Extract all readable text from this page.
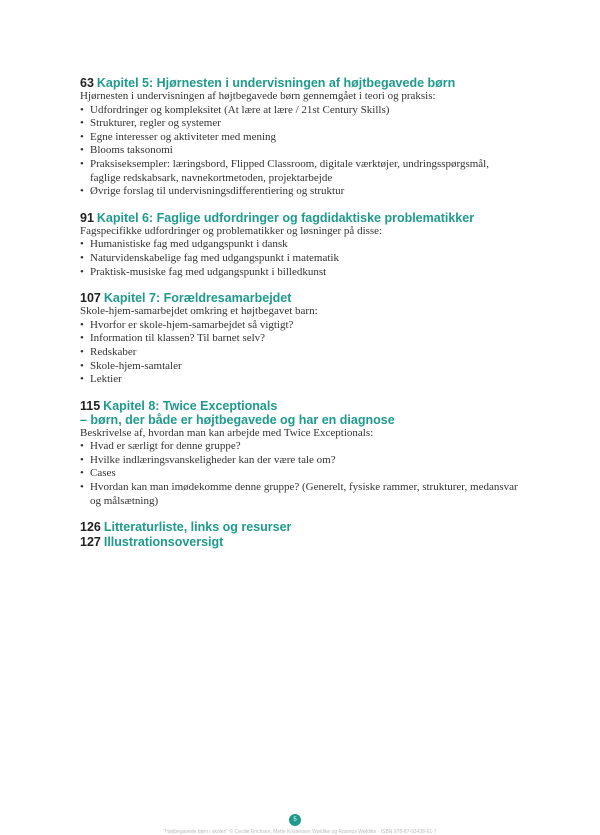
63 Kapitel 5: Hjørnesten i undervisningen af højtbegavede børn
Hjørnesten i undervisningen af højtbegavede børn gennemgået i teori og praksis:
• Udfordringer og kompleksitet (At lære at lære / 21st Century Skills)
• Strukturer, regler og systemer
• Egne interesser og aktiviteter med mening
• Blooms taksonomi
• Praksiseksempler: læringsbord, Flipped Classroom, digitale værktøjer, undringsspørgsmål, faglige redskabsark, navnekortmetoden, projektarbejde
• Øvrige forslag til undervisningsdifferentiering og struktur
91 Kapitel 6: Faglige udfordringer og fagdidaktiske problematikker
Fagspecifikke udfordringer og problematikker og løsninger på disse:
• Humanistiske fag med udgangspunkt i dansk
• Naturvidenskabelige fag med udgangspunkt i matematik
• Praktisk-musiske fag med udgangspunkt i billedkunst
107 Kapitel 7: Forældresamarbejdet
Skole-hjem-samarbejdet omkring et højtbegavet barn:
• Hvorfor er skole-hjem-samarbejdet så vigtigt?
• Information til klassen? Til barnet selv?
• Redskaber
• Skole-hjem-samtaler
• Lektier
115 Kapitel 8: Twice Exceptionals
– børn, der både er højtbegavede og har en diagnose
Beskrivelse af, hvordan man kan arbejde med Twice Exceptionals:
• Hvad er særligt for denne gruppe?
• Hvilke indlæringsvanskeligheder kan der være tale om?
• Cases
• Hvordan kan man imødekomme denne gruppe? (Generelt, fysiske rammer, strukturer, medansvar og målsætning)
126 Litteraturliste, links og resurser
127 Illustrationsoversigt
5
"Højtbegavede børn i skolen" © Cecilie Erichsen, Mette Kristensen Wøldike og Rasmus Wøldike · ISBN 978-87-93438-61-7
